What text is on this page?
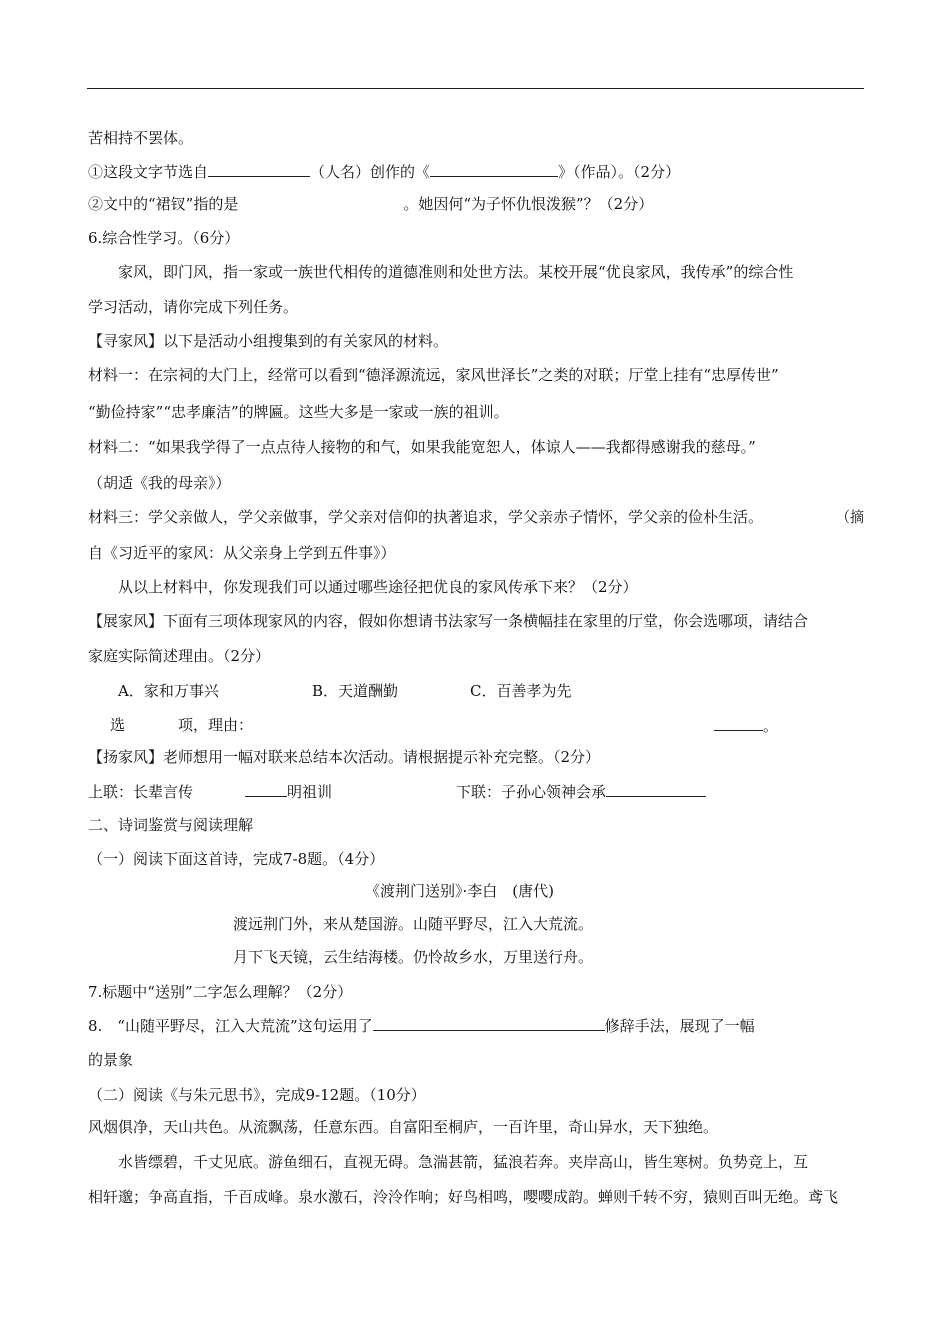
苦相持不罢体。
①这段文字节选自	（人名）创作的《	》（作品）。（2分）
②文中的“裙钗”指的是	。她因何“为子怀仇恨泼猴”？（2分）
6.综合性学习。（6分）
家风，即门风，指一家或一族世代相传的道德准则和处世方法。某校开展“优良家风，我传承”的综合性
学习活动，请你完成下列任务。
【寻家风】以下是活动小组搜集到的有关家风的材料。
材料一：在宗祠的大门上，经常可以看到“德泽源流远，家风世泽长”之类的对联；厅堂上挂有“忠厚传世”
“勤俭持家”“忠孝廉洁”的牌匾。这些大多是一家或一族的祖训。
材料二：“如果我学得了一点点待人接物的和气，如果我能宽恕人，体谅人——我都得感谢我的慈母。”
（胡适《我的母亲》）
材料三：学父亲做人，学父亲做事，学父亲对信仰的执著追求，学父亲赤子情怀，学父亲的俭朴生活。	（摘
自《习近平的家风：从父亲身上学到五件事》）
从以上材料中，你发现我们可以通过哪些途径把优良的家风传承下来？（2分）
【展家风】下面有三项体现家风的内容，假如你想请书法家写一条横幅挂在家里的厅堂，你会选哪项，请结合
家庭实际简述理由。（2分）
A．家和万事兴	B．天道酬勤	C．百善孝为先
选	项，理由：	。
【扬家风】老师想用一幅对联来总结本次活动。请根据提示补充完整。（2分）
上联：长辈言传	明祖训	下联：子孙心领神会承
二、诗词鉴赏与阅读理解
（一）阅读下面这首诗，完成7-8题。（4分）
《渡荆门送别》·李白　(唐代)
渡远荆门外，来从楚国游。山随平野尽，江入大荒流。
月下飞天镜，云生结海楼。仍怜故乡水，万里送行舟。
7.标题中“送别”二字怎么理解？（2分）
8.　“山随平野尽，江入大荒流”这句运用了	修辞手法，展现了一幅
的景象
（二）阅读《与朱元思书》，完成9-12题。（10分）
风烟俱净，天山共色。从流飘荡，任意东西。自富阳至桐庐，一百许里，奇山异水，天下独绝。
水皆缥碧，千丈见底。游鱼细石，直视无碍。急湍甚箭，猛浪若奔。夹岸高山，皆生寒树。负势竞上，互
相轩邈；争高直指，千百成峰。泉水激石，泠泠作响；好鸟相鸣，嘤嘤成韵。蝉则千转不穷，猿则百叫无绝。鸢飞
